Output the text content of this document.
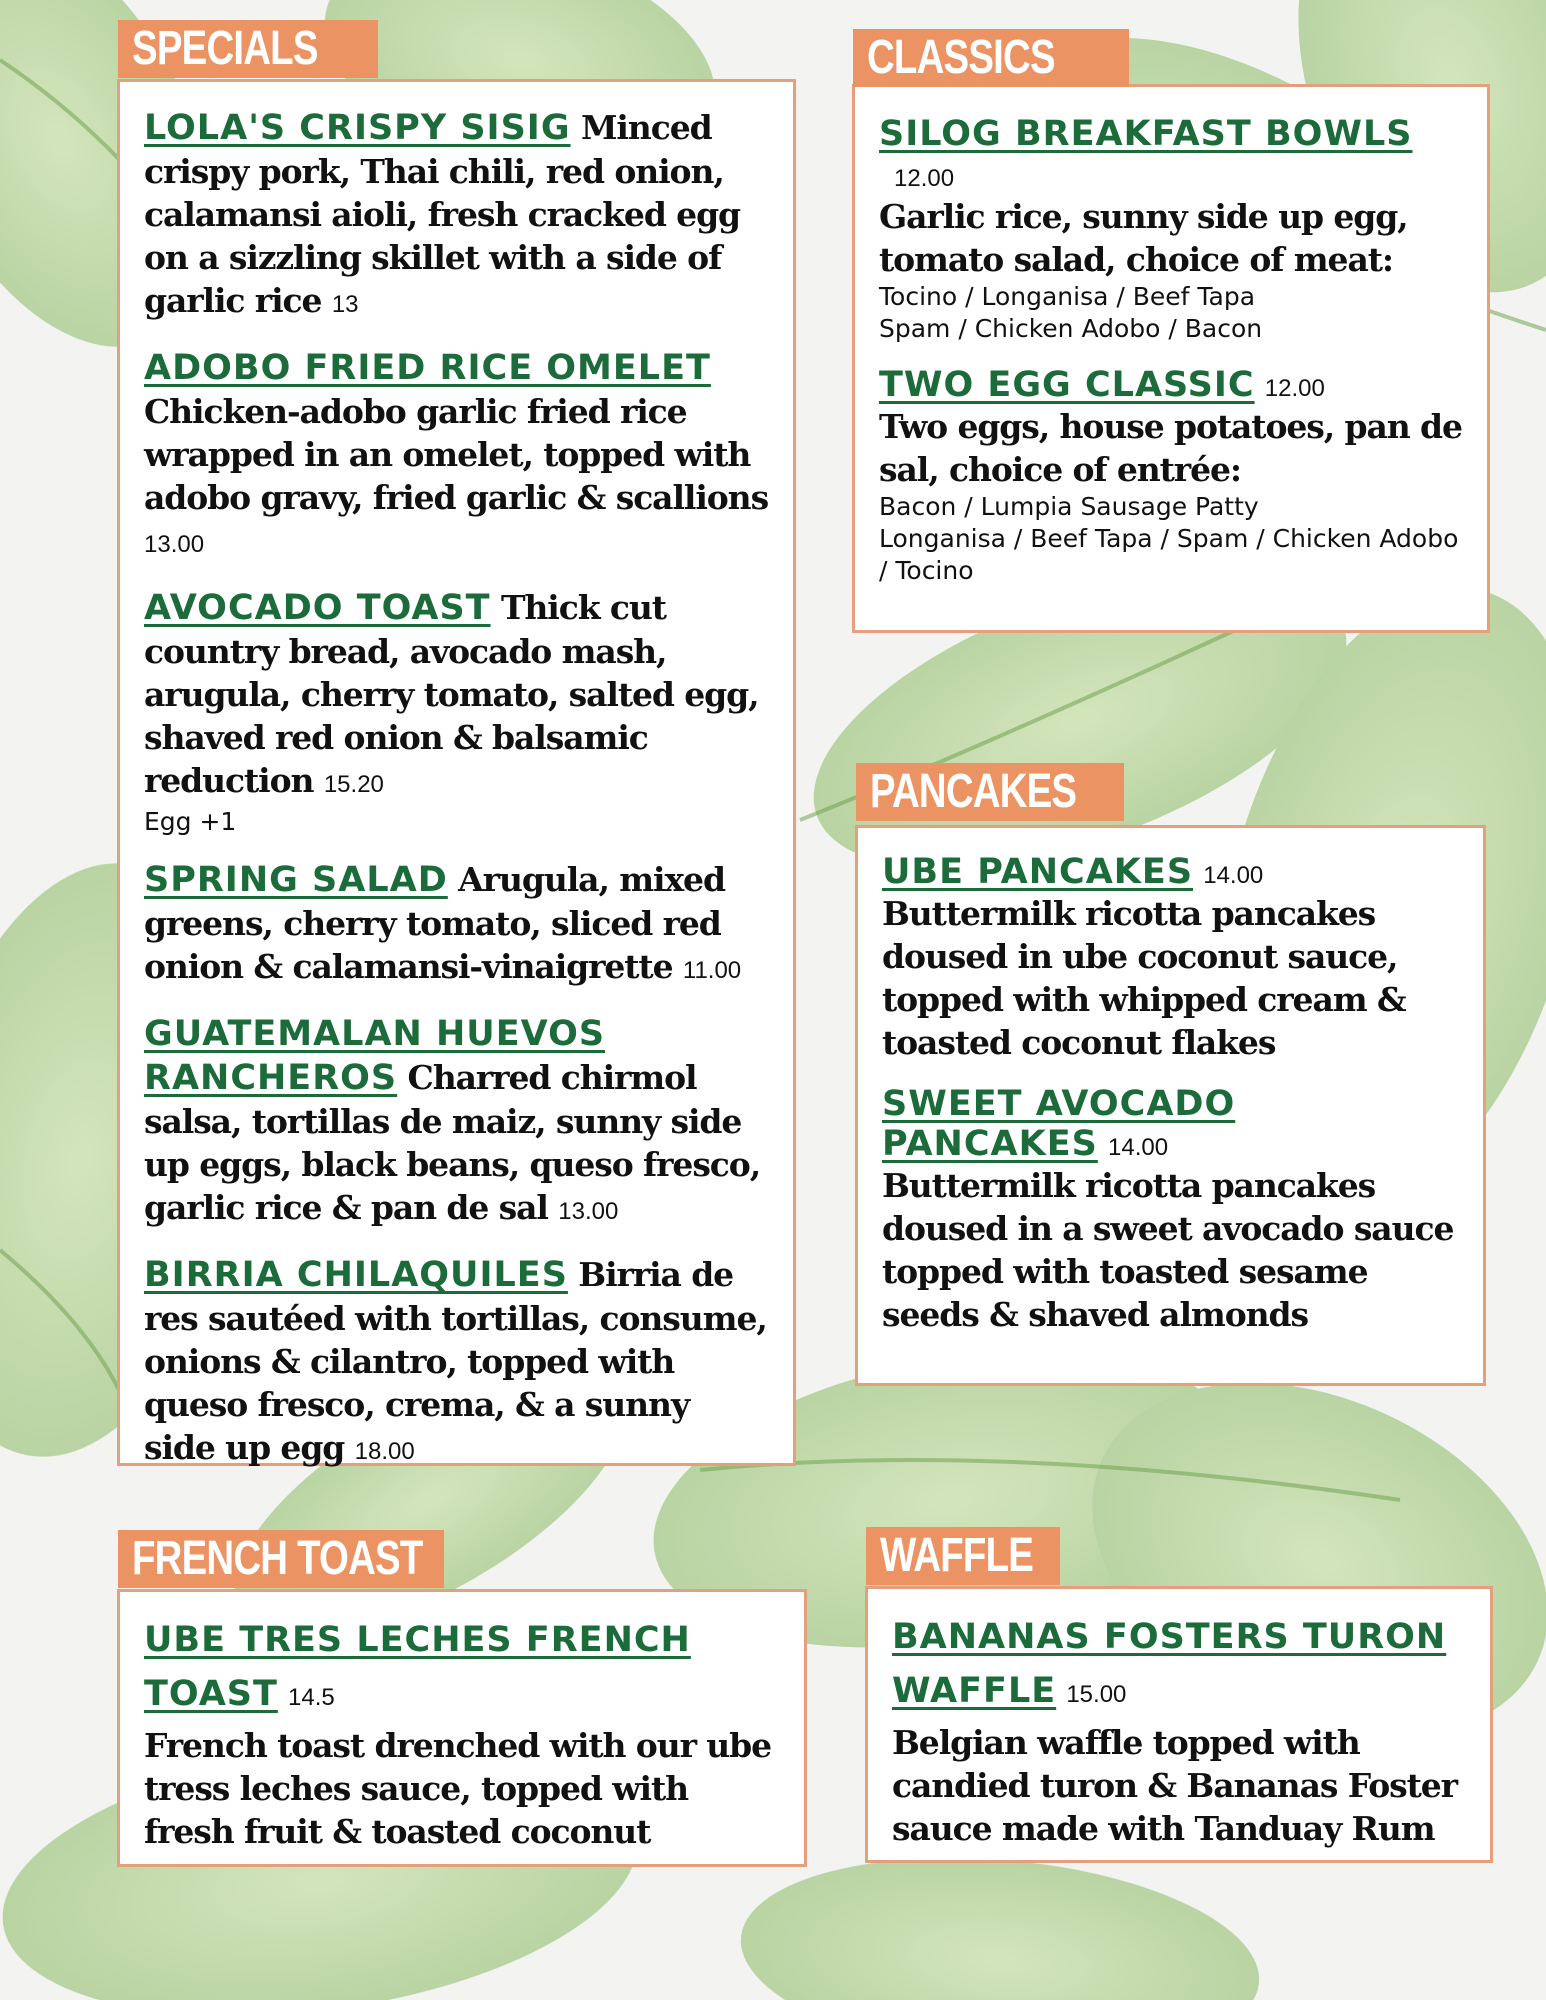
LOLA'S CRISPY SISIG Minced crispy pork, Thai chili, red onion, calamansi aioli, fresh cracked egg on a sizzling skillet with a side of garlic rice 13
ADOBO FRIED RICE OMELET Chicken-adobo garlic fried rice wrapped in an omelet, topped with adobo gravy, fried garlic & scallions 13.00
AVOCADO TOAST Thick cut country bread, avocado mash, arugula, cherry tomato, salted egg, shaved red onion & balsamic reduction 15.20
Egg +1
SPRING SALAD Arugula, mixed greens, cherry tomato, sliced red onion & calamansi-vinaigrette 11.00
GUATEMALAN HUEVOS RANCHEROS Charred chirmol salsa, tortillas de maiz, sunny side up eggs, black beans, queso fresco, garlic rice & pan de sal 13.00
BIRRIA CHILAQUILES Birria de res sautéed with tortillas, consume, onions & cilantro, topped with queso fresco, crema, & a sunny side up egg 18.00
SPECIALS
SILOG BREAKFAST BOWLS
12.00
Garlic rice, sunny side up egg, tomato salad, choice of meat:
Tocino / Longanisa / Beef Tapa
Spam / Chicken Adobo / Bacon
TWO EGG CLASSIC 12.00
Two eggs, house potatoes, pan de sal, choice of entrée:
Bacon / Lumpia Sausage Patty
Longanisa / Beef Tapa / Spam / Chicken Adobo / Tocino
CLASSICS
UBE PANCAKES 14.00
Buttermilk ricotta pancakes doused in ube coconut sauce, topped with whipped cream & toasted coconut flakes
SWEET AVOCADO PANCAKES 14.00
Buttermilk ricotta pancakes doused in a sweet avocado sauce topped with toasted sesame seeds & shaved almonds
PANCAKES
UBE TRES LECHES FRENCH TOAST 14.5
French toast drenched with our ube tress leches sauce, topped with fresh fruit & toasted coconut
FRENCH TOAST
BANANAS FOSTERS TURON WAFFLE 15.00
Belgian waffle topped with candied turon & Bananas Foster sauce made with Tanduay Rum
WAFFLE
